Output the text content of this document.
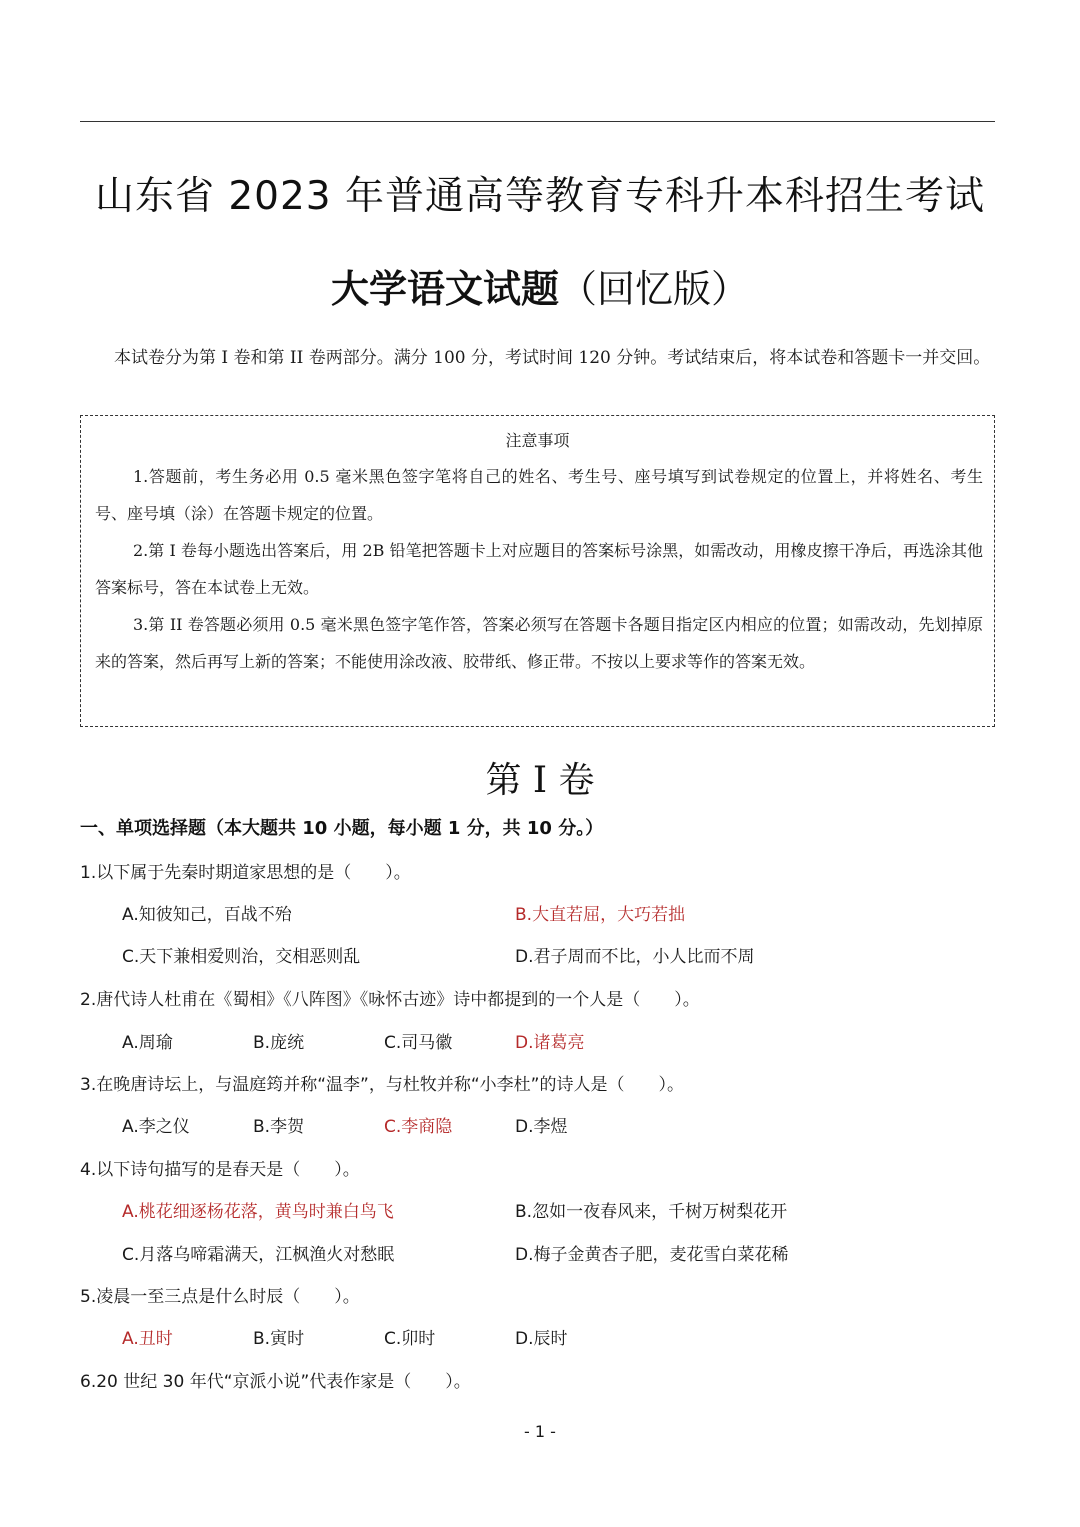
山东省 2023 年普通高等教育专科升本科招生考试
大学语文试题（回忆版）
本试卷分为第 I 卷和第 II 卷两部分。满分 100 分，考试时间 120 分钟。考试结束后，将本试卷和答题卡一并交回。
注意事项
1.答题前，考生务必用 0.5 毫米黑色签字笔将自己的姓名、考生号、座号填写到试卷规定的位置上，并将姓名、考生号、座号填（涂）在答题卡规定的位置。
2.第 I 卷每小题选出答案后，用 2B 铅笔把答题卡上对应题目的答案标号涂黑，如需改动，用橡皮擦干净后，再选涂其他答案标号，答在本试卷上无效。
3.第 II 卷答题必须用 0.5 毫米黑色签字笔作答，答案必须写在答题卡各题目指定区内相应的位置；如需改动，先划掉原来的答案，然后再写上新的答案；不能使用涂改液、胶带纸、修正带。不按以上要求等作的答案无效。
第 I 卷
一、单项选择题（本大题共 10 小题，每小题 1 分，共 10 分。）
1.以下属于先秦时期道家思想的是（　　）。
A.知彼知己，百战不殆	B.大直若屈，大巧若拙
C.天下兼相爱则治，交相恶则乱	D.君子周而不比，小人比而不周
2.唐代诗人杜甫在《蜀相》《八阵图》《咏怀古迹》诗中都提到的一个人是（　　）。
A.周瑜	B.庞统	C.司马徽	D.诸葛亮
3.在晚唐诗坛上，与温庭筠并称“温李”，与杜牧并称“小李杜”的诗人是（　　）。
A.李之仪	B.李贺	C.李商隐	D.李煜
4.以下诗句描写的是春天是（　　）。
A.桃花细逐杨花落，黄鸟时兼白鸟飞	B.忽如一夜春风来，千树万树梨花开
C.月落乌啼霜满天，江枫渔火对愁眠	D.梅子金黄杏子肥，麦花雪白菜花稀
5.凌晨一至三点是什么时辰（　　）。
A.丑时	B.寅时	C.卯时	D.辰时
6.20 世纪 30 年代“京派小说”代表作家是（　　）。
- 1 -
